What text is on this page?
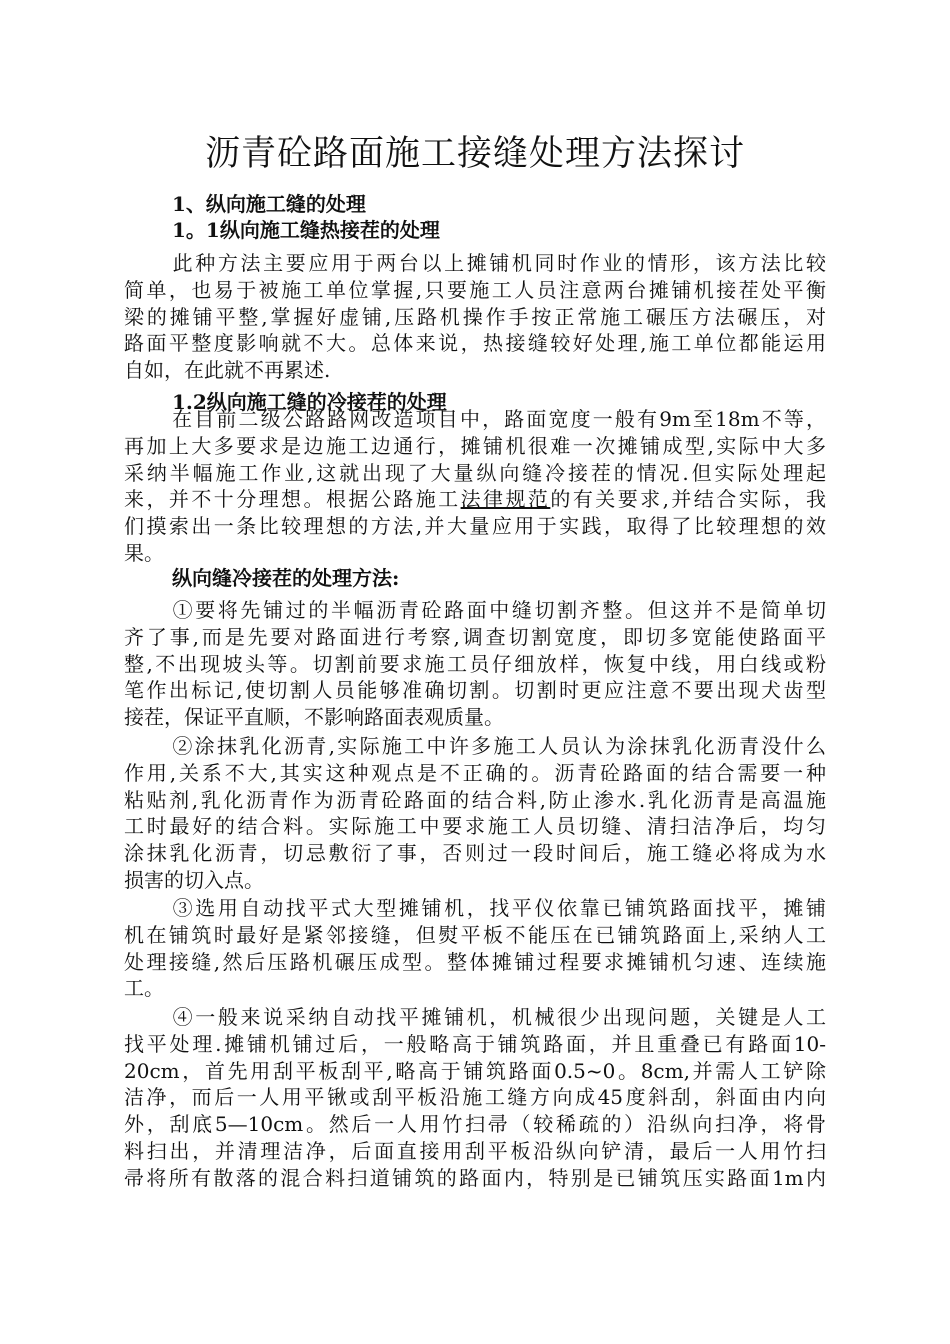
沥青砼路面施工接缝处理方法探讨

1、纵向施工缝的处理

1。1纵向施工缝热接茬的处理

此种方法主要应用于两台以上摊铺机同时作业的情形，该方法比较
简单，也易于被施工单位掌握,只要施工人员注意两台摊铺机接茬处平衡
梁的摊铺平整,掌握好虚铺,压路机操作手按正常施工碾压方法碾压，对
路面平整度影响就不大。总体来说，热接缝较好处理,施工单位都能运用
自如，在此就不再累述.

1.2纵向施工缝的冷接茬的处理

在目前二级公路路网改造项目中，路面宽度一般有9m至18m不等，
再加上大多要求是边施工边通行，摊铺机很难一次摊铺成型,实际中大多
采纳半幅施工作业,这就出现了大量纵向缝冷接茬的情况.但实际处理起
来，并不十分理想。根据公路施工法律规范的有关要求,并结合实际，我
们摸索出一条比较理想的方法,并大量应用于实践，取得了比较理想的效
果。

纵向缝冷接茬的处理方法:

①要将先铺过的半幅沥青砼路面中缝切割齐整。但这并不是简单切
齐了事,而是先要对路面进行考察,调查切割宽度，即切多宽能使路面平
整,不出现坡头等。切割前要求施工员仔细放样，恢复中线，用白线或粉
笔作出标记,使切割人员能够准确切割。切割时更应注意不要出现犬齿型
接茬，保证平直顺，不影响路面表观质量。
②涂抹乳化沥青,实际施工中许多施工人员认为涂抹乳化沥青没什么
作用,关系不大,其实这种观点是不正确的。沥青砼路面的结合需要一种
粘贴剂,乳化沥青作为沥青砼路面的结合料,防止渗水.乳化沥青是高温施
工时最好的结合料。实际施工中要求施工人员切缝、清扫洁净后，均匀
涂抹乳化沥青，切忌敷衍了事，否则过一段时间后，施工缝必将成为水
损害的切入点。
③选用自动找平式大型摊铺机，找平仪依靠已铺筑路面找平，摊铺
机在铺筑时最好是紧邻接缝，但熨平板不能压在已铺筑路面上,采纳人工
处理接缝,然后压路机碾压成型。整体摊铺过程要求摊铺机匀速、连续施
工。
④一般来说采纳自动找平摊铺机，机械很少出现问题，关键是人工
找平处理.摊铺机铺过后，一般略高于铺筑路面，并且重叠已有路面10-
20cm，首先用刮平板刮平,略高于铺筑路面0.5~0。8cm,并需人工铲除
洁净，而后一人用平锹或刮平板沿施工缝方向成45度斜刮，斜面由内向
外，刮底5—10cm。然后一人用竹扫帚（较稀疏的）沿纵向扫净，将骨
料扫出，并清理洁净，后面直接用刮平板沿纵向铲清，最后一人用竹扫
帚将所有散落的混合料扫道铺筑的路面内，特别是已铺筑压实路面1m内
